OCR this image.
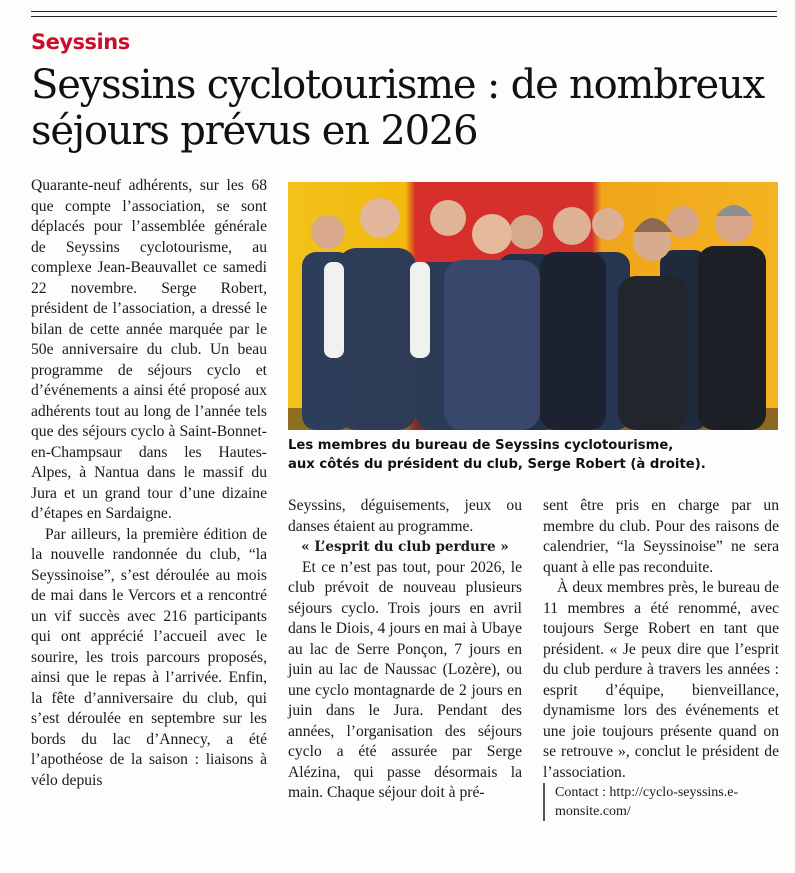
Seyssins
Seyssins cyclotourisme : de nombreux
séjours prévus en 2026

Quarante-neuf adhérents, sur les 68 que compte l’association, se sont déplacés pour l’assemblée générale de Seyssins cyclotourisme, au complexe Jean-Beauvallet ce samedi 22 novembre. Serge Robert, président de l’association, a dressé le bilan de cette année marquée par le 50e anniversaire du club. Un beau programme de séjours cyclo et d’événements a ainsi été proposé aux adhérents tout au long de l’année tels que des séjours cyclo à Saint-Bonnet-en-Champsaur dans les Hautes-Alpes, à Nantua dans le massif du Jura et un grand tour d’une dizaine d’étapes en Sardaigne.

Par ailleurs, la première édition de la nouvelle randonnée du club, “la Seyssinoise”, s’est déroulée au mois de mai dans le Vercors et a rencontré un vif succès avec 216 participants qui ont apprécié l’accueil avec le sourire, les trois parcours proposés, ainsi que le repas à l’arrivée. Enfin, la fête d’anniversaire du club, qui s’est déroulée en septembre sur les bords du lac d’Annecy, a été l’apothéose de la saison : liaisons à vélo depuis

Les membres du bureau de Seyssins cyclotourisme,
aux côtés du président du club, Serge Robert (à droite).

Seyssins, déguisements, jeux ou danses étaient au programme.

« L’esprit du club perdure »

Et ce n’est pas tout, pour 2026, le club prévoit de nouveau plusieurs séjours cyclo. Trois jours en avril dans le Diois, 4 jours en mai à Ubaye au lac de Serre Ponçon, 7 jours en juin au lac de Naussac (Lozère), ou une cyclo montagnarde de 2 jours en juin dans le Jura. Pendant des années, l’organisation des séjours cyclo a été assurée par Serge Alézina, qui passe désormais la main. Chaque séjour doit à pré-

sent être pris en charge par un membre du club. Pour des raisons de calendrier, “la Seyssinoise” ne sera quant à elle pas reconduite.

À deux membres près, le bureau de 11 membres a été renommé, avec toujours Serge Robert en tant que président. « Je peux dire que l’esprit du club perdure à travers les années : esprit d’équipe, bienveillance, dynamisme lors des événements et une joie toujours présente quand on se retrouve », conclut le président de l’association.

Contact : http://cyclo-seyssins.e-monsite.com/
